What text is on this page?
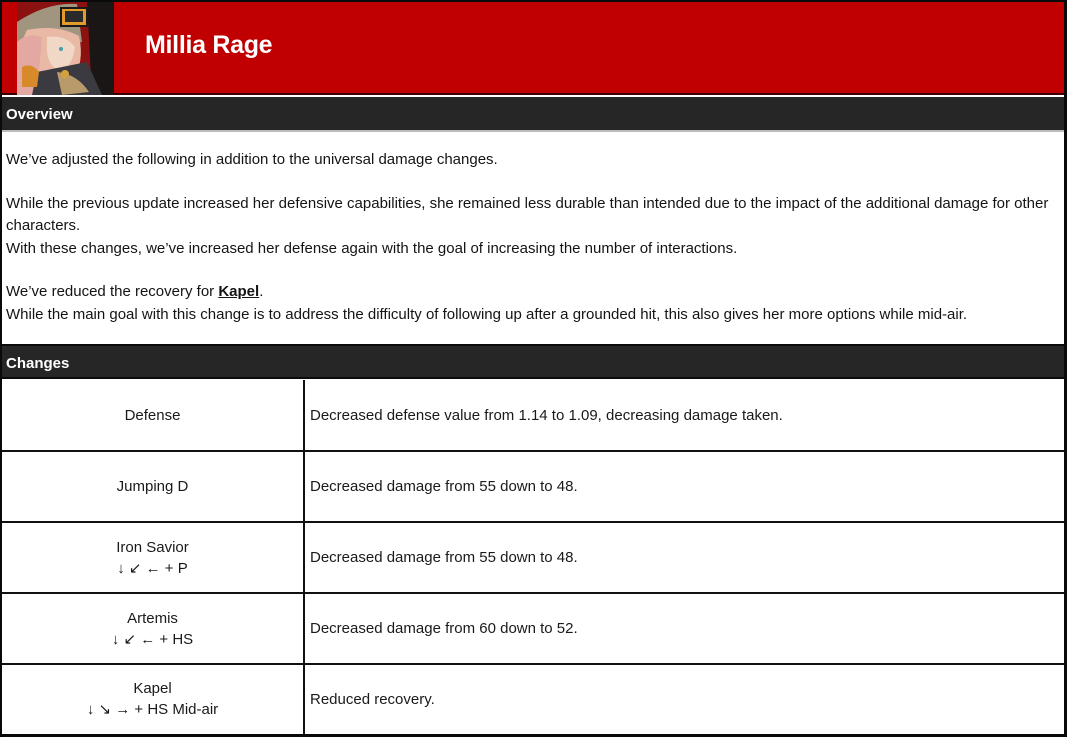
Millia Rage
Overview

We’ve adjusted the following in addition to the universal damage changes.

While the previous update increased her defensive capabilities, she remained less durable than intended due to the impact of the additional damage for other characters.

With these changes, we’ve increased her defense again with the goal of increasing the number of interactions.

We’ve reduced the recovery for Kapel.

While the main goal with this change is to address the difficulty of following up after a grounded hit, this also gives her more options while mid-air.

Changes
Defense	Decreased defense value from 1.14 to 1.09, decreasing damage taken.

Jumping D	Decreased damage from 55 down to 48.

Iron Savior
↓ ↙ ← + P	Decreased damage from 55 down to 48.

Artemis
↓ ↙ ← + HS	Decreased damage from 60 down to 52.

Kapel
↓ ↘ → + HS Mid-air	Reduced recovery.
